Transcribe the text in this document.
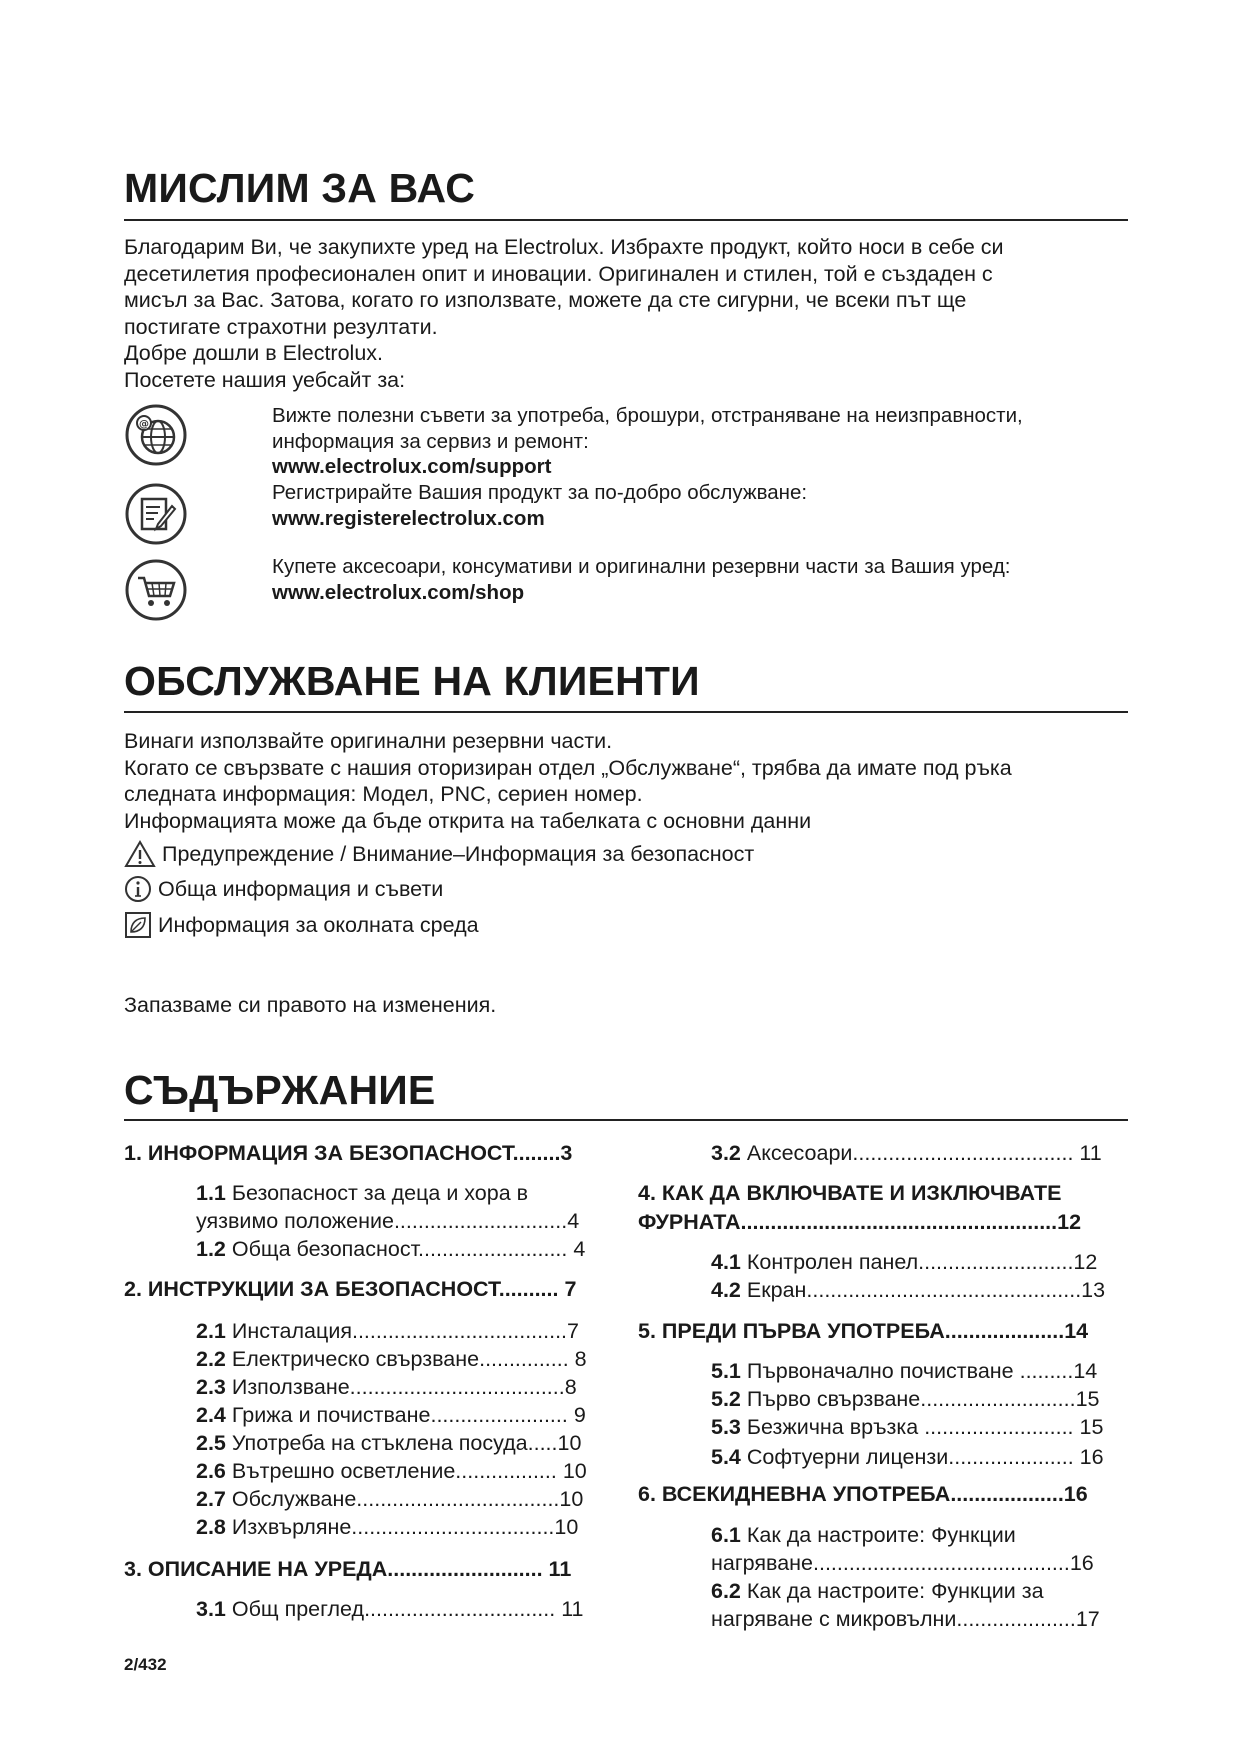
МИСЛИМ ЗА ВАС
Благодарим Ви, че закупихте уред на Electrolux. Избрахте продукт, който носи в себе си
десетилетия професионален опит и иновации. Оригинален и стилен, той е създаден с
мисъл за Вас. Затова, когато го използвате, можете да сте сигурни, че всеки път ще
постигате страхотни резултати.
Добре дошли в Electrolux.
Посетете нашия уебсайт за:
@	Вижте полезни съвети за употреба, брошури, отстраняване на неизправности,
информация за сервиз и ремонт:
www.electrolux.com/support
Регистрирайте Вашия продукт за по-добро обслужване:
www.registerelectrolux.com
Купете аксесоари, консумативи и оригинални резервни части за Вашия уред:
www.electrolux.com/shop
ОБСЛУЖВАНЕ НА КЛИЕНТИ
Винаги използвайте оригинални резервни части.
Когато се свързвате с нашия оторизиран отдел „Обслужване“, трябва да имате под ръка
следната информация: Модел, PNC, сериен номер.
Информацията може да бъде открита на табелката с основни данни
Предупреждение / Внимание–Информация за безопасност
Обща информация и съвети
Информация за околната среда
Запазваме си правото на изменения.
СЪДЪРЖАНИЕ
1. ИНФОРМАЦИЯ ЗА БЕЗОПАСНОСТ........3
1.1 Безопасност за деца и хора в
уязвимо положение.............................4
1.2 Обща безопасност......................... 4
2. ИНСТРУКЦИИ ЗА БЕЗОПАСНОСТ.......... 7
2.1 Инсталация....................................7
2.2 Електрическо свързване............... 8
2.3 Използване....................................8
2.4 Грижа и почистване....................... 9
2.5 Употреба на стъклена посуда.....10
2.6 Вътрешно осветление................. 10
2.7 Обслужване..................................10
2.8 Изхвърляне..................................10
3. ОПИСАНИЕ НА УРЕДА.......................... 11
3.1 Общ преглед................................ 11
3.2 Аксесоари..................................... 11
4. КАК ДА ВКЛЮЧВАТЕ И ИЗКЛЮЧВАТЕ
ФУРНАТА.....................................................12
4.1 Контролен панел..........................12
4.2 Екран..............................................13
5. ПРЕДИ ПЪРВА УПОТРЕБА....................14
5.1 Първоначално почистване .........14
5.2 Първо свързване..........................15
5.3 Безжична връзка ......................... 15
5.4 Софтуерни лицензи..................... 16
6. ВСЕКИДНЕВНА УПОТРЕБА...................16
6.1 Как да настроите: Функции
нагряване...........................................16
6.2 Как да настроите: Функции за
нагряване с микровълни....................17
2/432
